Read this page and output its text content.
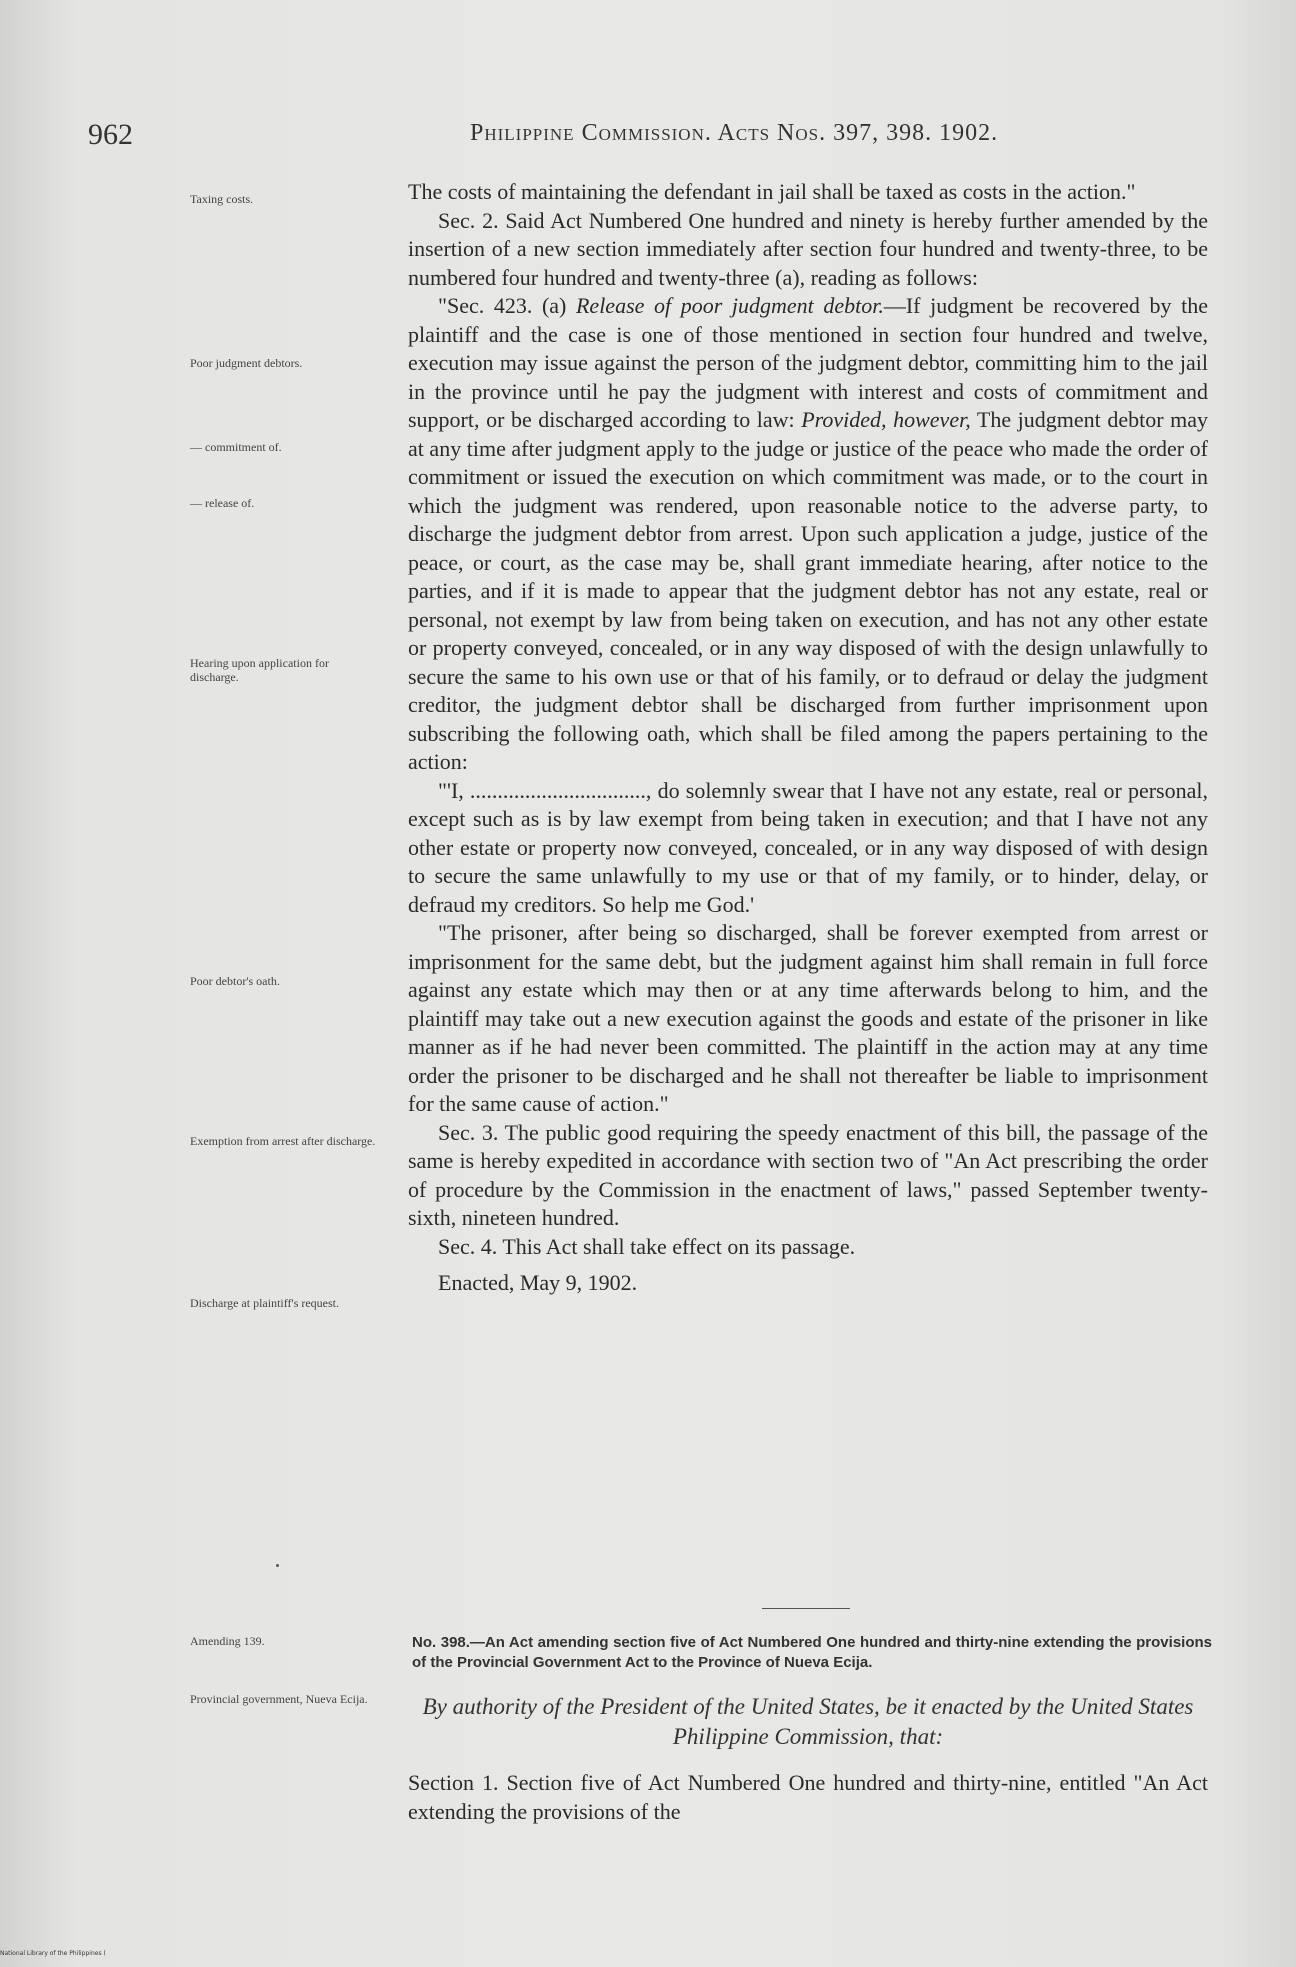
962	Philippine Commission. Acts Nos. 397, 398. 1902.
Taxing costs.
Poor judgment debtors.
— commitment of.
— release of.
Hearing upon application for discharge.
Poor debtor's oath.
Exemption from arrest after discharge.
Discharge at plaintiff's request.
Amending 139.
Provincial government, Nueva Ecija.

The costs of maintaining the defendant in jail shall be taxed as costs in the action."

Sec. 2. Said Act Numbered One hundred and ninety is hereby further amended by the insertion of a new section immediately after section four hundred and twenty-three, to be numbered four hundred and twenty-three (a), reading as follows:

"Sec. 423. (a) Release of poor judgment debtor.—If judgment be recovered by the plaintiff and the case is one of those mentioned in section four hundred and twelve, execution may issue against the person of the judgment debtor, committing him to the jail in the province until he pay the judgment with interest and costs of commitment and support, or be discharged according to law: Provided, however, The judgment debtor may at any time after judgment apply to the judge or justice of the peace who made the order of commitment or issued the execution on which commitment was made, or to the court in which the judgment was rendered, upon reasonable notice to the adverse party, to discharge the judgment debtor from arrest. Upon such application a judge, justice of the peace, or court, as the case may be, shall grant immediate hearing, after notice to the parties, and if it is made to appear that the judgment debtor has not any estate, real or personal, not exempt by law from being taken on execution, and has not any other estate or property conveyed, concealed, or in any way disposed of with the design unlawfully to secure the same to his own use or that of his family, or to defraud or delay the judgment creditor, the judgment debtor shall be discharged from further imprisonment upon subscribing the following oath, which shall be filed among the papers pertaining to the action:

"'I, ................................, do solemnly swear that I have not any estate, real or personal, except such as is by law exempt from being taken in execution; and that I have not any other estate or property now conveyed, concealed, or in any way disposed of with design to secure the same unlawfully to my use or that of my family, or to hinder, delay, or defraud my creditors. So help me God.'

"The prisoner, after being so discharged, shall be forever exempted from arrest or imprisonment for the same debt, but the judgment against him shall remain in full force against any estate which may then or at any time afterwards belong to him, and the plaintiff may take out a new execution against the goods and estate of the prisoner in like manner as if he had never been committed. The plaintiff in the action may at any time order the prisoner to be discharged and he shall not thereafter be liable to imprisonment for the same cause of action."

Sec. 3. The public good requiring the speedy enactment of this bill, the passage of the same is hereby expedited in accordance with section two of "An Act prescribing the order of procedure by the Commission in the enactment of laws," passed September twenty-sixth, nineteen hundred.

Sec. 4. This Act shall take effect on its passage.

Enacted, May 9, 1902.

No. 398.—An Act amending section five of Act Numbered One hundred and thirty-nine extending the provisions of the Provincial Government Act to the Province of Nueva Ecija.
By authority of the President of the United States, be it enacted by the United States Philippine Commission, that:
Section 1. Section five of Act Numbered One hundred and thirty-nine, entitled "An Act extending the provisions of the
National Library of the Philippines (
